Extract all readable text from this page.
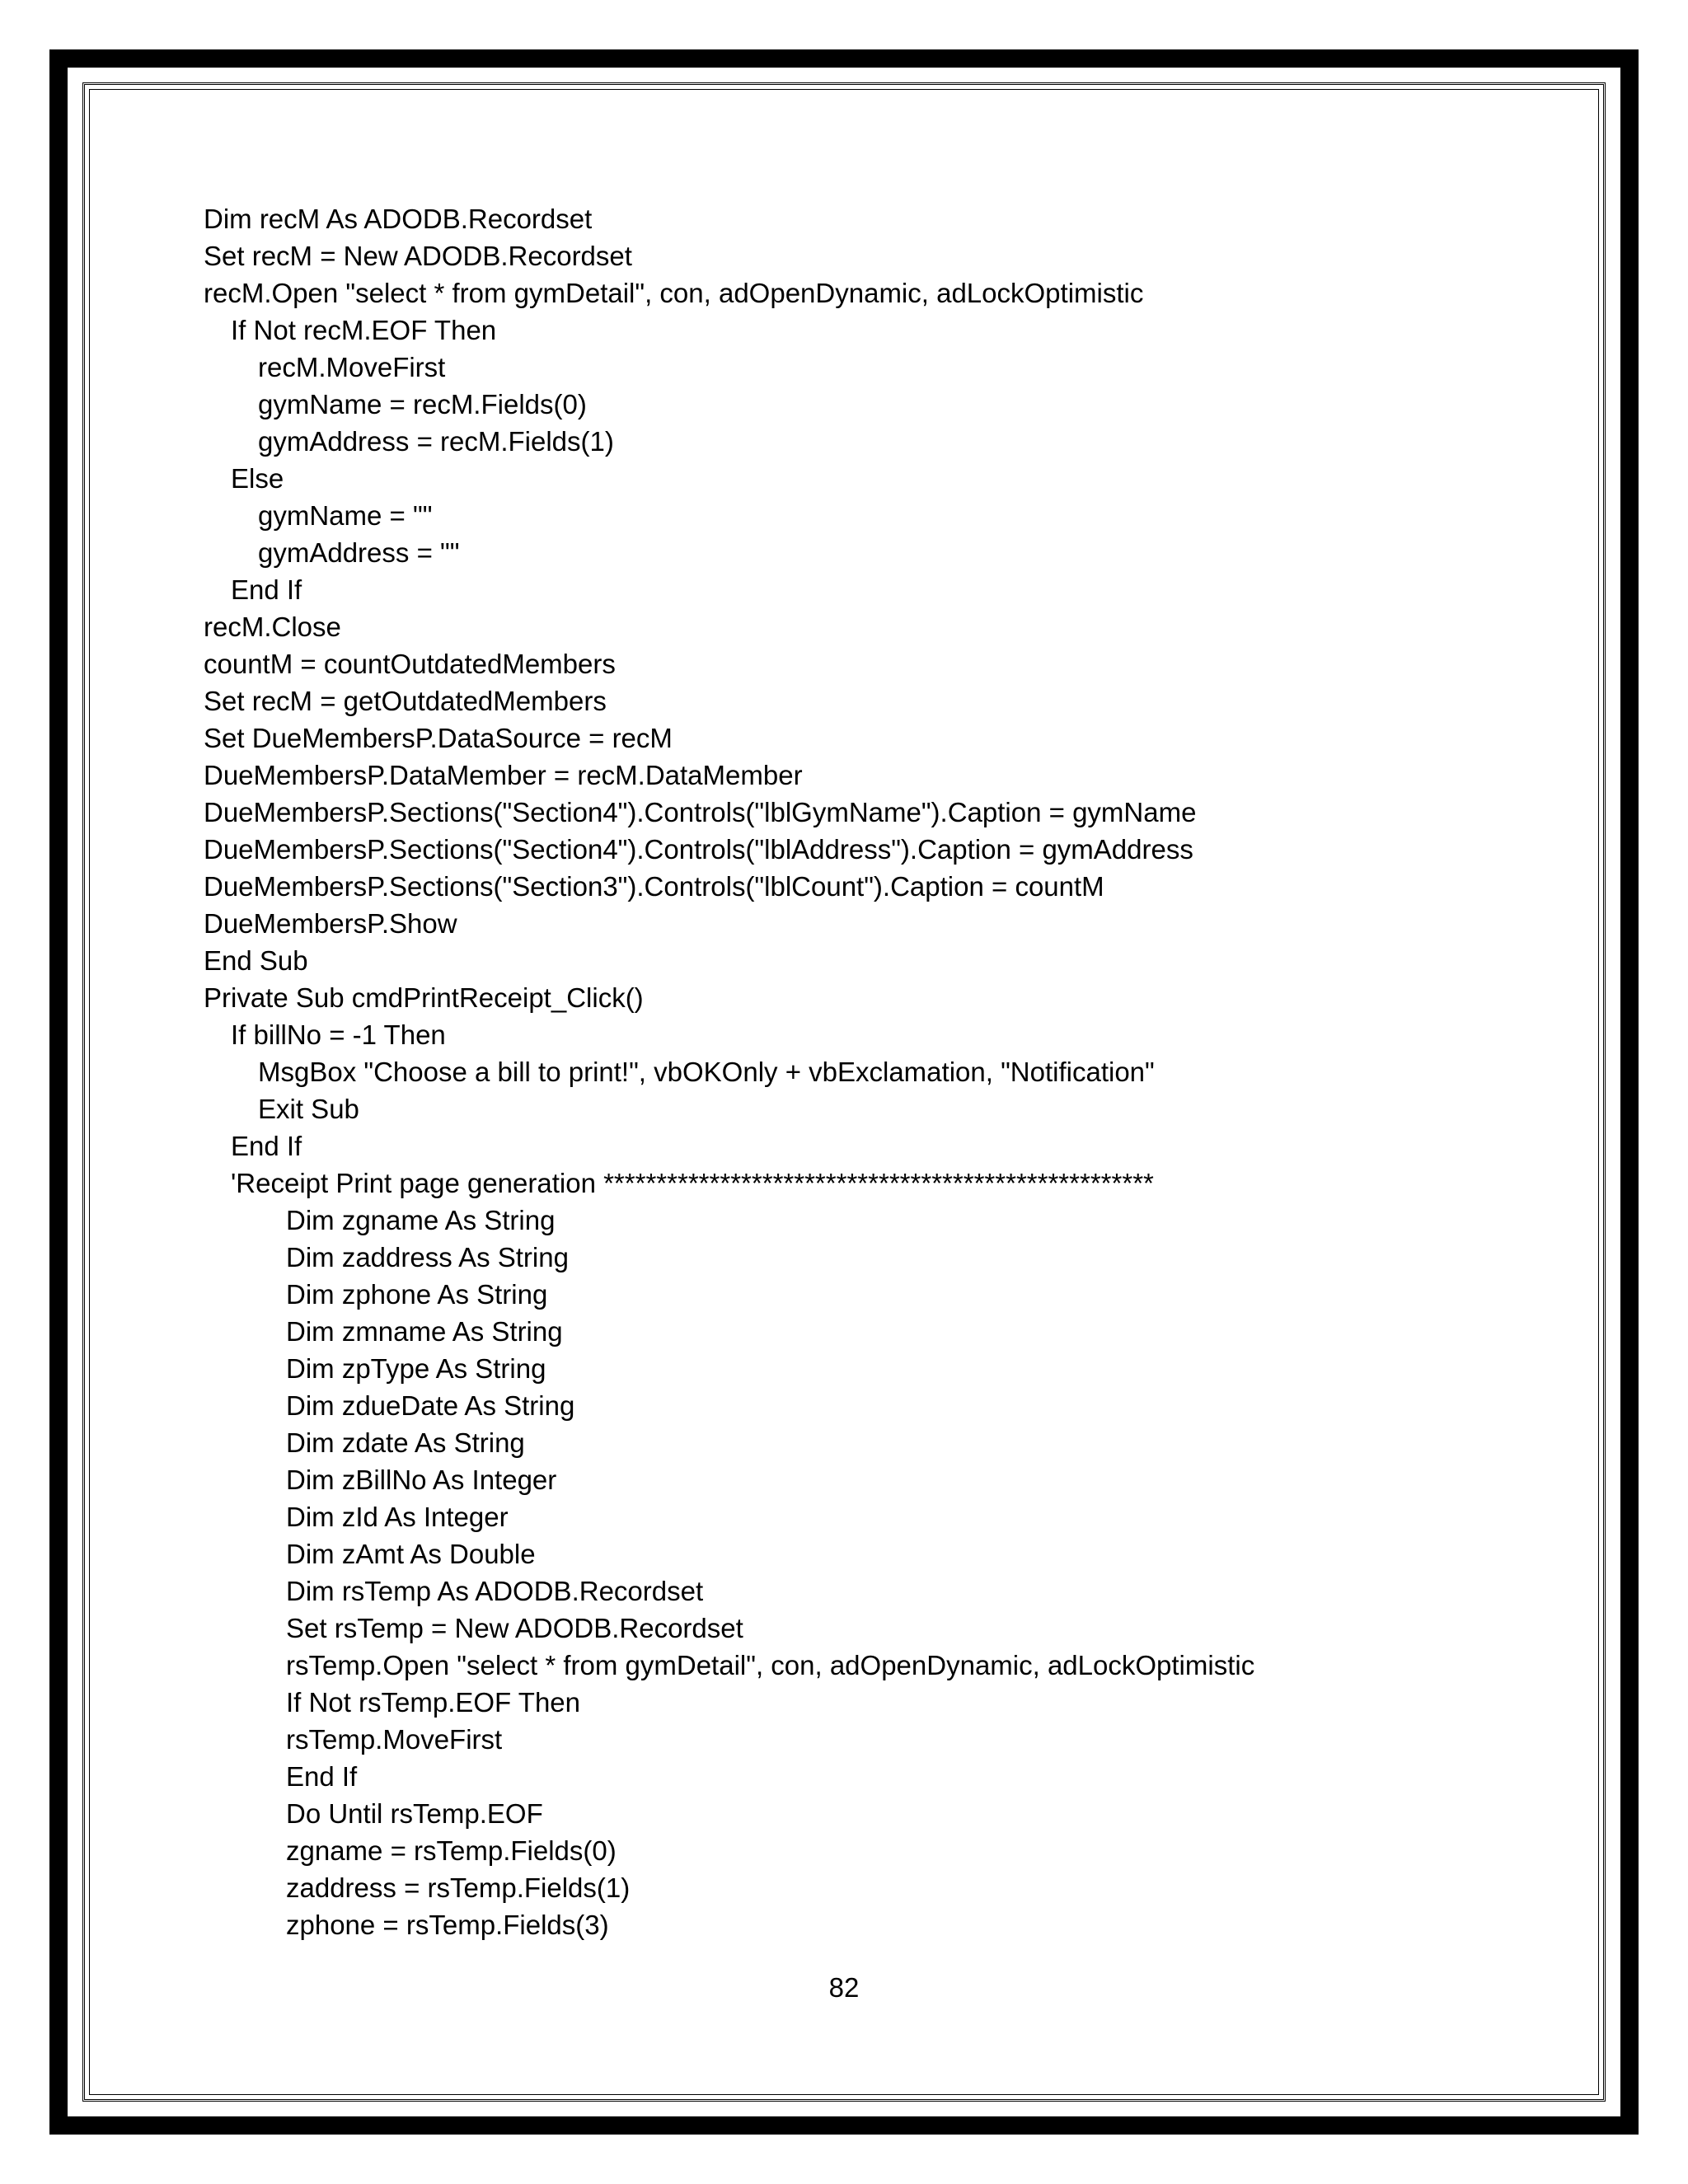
Dim recM As ADODB.Recordset
Set recM = New ADODB.Recordset
recM.Open "select * from gymDetail", con, adOpenDynamic, adLockOptimistic
If Not recM.EOF Then
recM.MoveFirst
gymName = recM.Fields(0)
gymAddress = recM.Fields(1)
Else
gymName = ""
gymAddress = ""
End If
recM.Close
countM = countOutdatedMembers
Set recM = getOutdatedMembers
Set DueMembersP.DataSource = recM
DueMembersP.DataMember = recM.DataMember
DueMembersP.Sections("Section4").Controls("lblGymName").Caption = gymName
DueMembersP.Sections("Section4").Controls("lblAddress").Caption = gymAddress
DueMembersP.Sections("Section3").Controls("lblCount").Caption = countM
DueMembersP.Show
End Sub
Private Sub cmdPrintReceipt_Click()
If billNo = -1 Then
MsgBox "Choose a bill to print!", vbOKOnly + vbExclamation, "Notification"
Exit Sub
End If
'Receipt Print page generation ****************************************************
Dim zgname As String
Dim zaddress As String
Dim zphone As String
Dim zmname As String
Dim zpType As String
Dim zdueDate As String
Dim zdate As String
Dim zBillNo As Integer
Dim zId As Integer
Dim zAmt As Double
Dim rsTemp As ADODB.Recordset
Set rsTemp = New ADODB.Recordset
rsTemp.Open "select * from gymDetail", con, adOpenDynamic, adLockOptimistic
If Not rsTemp.EOF Then
rsTemp.MoveFirst
End If
Do Until rsTemp.EOF
zgname = rsTemp.Fields(0)
zaddress = rsTemp.Fields(1)
zphone = rsTemp.Fields(3)
82
